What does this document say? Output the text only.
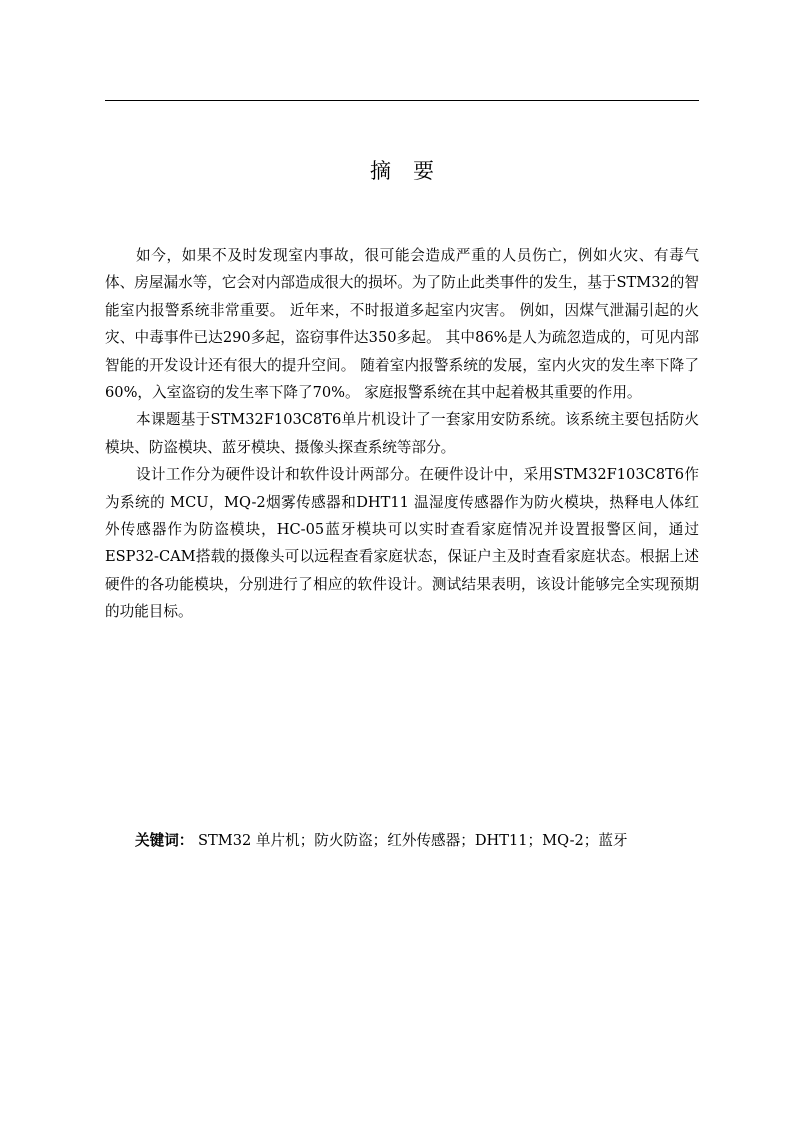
摘要

如今，如果不及时发现室内事故，很可能会造成严重的人员伤亡，例如火灾、有毒气体、房屋漏水等，它会对内部造成很大的损坏。为了防止此类事件的发生，基于STM32的智能室内报警系统非常重要。 近年来，不时报道多起室内灾害。 例如，因煤气泄漏引起的火灾、中毒事件已达290多起，盗窃事件达350多起。 其中86%是人为疏忽造成的，可见内部智能的开发设计还有很大的提升空间。 随着室内报警系统的发展，室内火灾的发生率下降了60%，入室盗窃的发生率下降了70%。 家庭报警系统在其中起着极其重要的作用。

本课题基于STM32F103C8T6单片机设计了一套家用安防系统。该系统主要包括防火模块、防盗模块、蓝牙模块、摄像头探查系统等部分。

设计工作分为硬件设计和软件设计两部分。在硬件设计中，采用STM32F103C8T6作为系统的 MCU，MQ-2烟雾传感器和DHT11 温湿度传感器作为防火模块，热释电人体红外传感器作为防盗模块，HC-05蓝牙模块可以实时查看家庭情况并设置报警区间，通过ESP32-CAM搭载的摄像头可以远程查看家庭状态，保证户主及时查看家庭状态。根据上述硬件的各功能模块，分别进行了相应的软件设计。测试结果表明，该设计能够完全实现预期的功能目标。

关键词： STM32 单片机；防火防盗；红外传感器；DHT11；MQ-2；蓝牙
